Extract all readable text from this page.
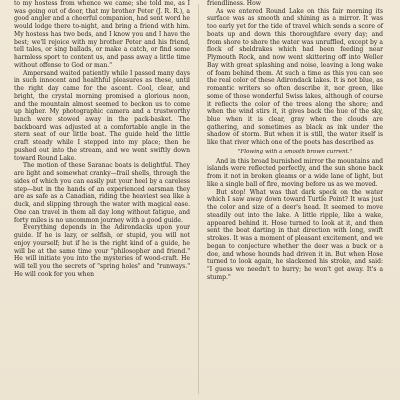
to my hostess from whence we came; she told me, as I was going out of door, that my brother Peter (J. R. R.), a good angler and a cheerful companion, had sent word he would lodge there to-night, and bring a friend with him. My hostess has two beds, and I know you and I have the best; we'll rejoice with my brother Peter and his friend, tell tales, or sing ballads, or make a catch, or find some harmless sport to content us, and pass away a little time without offense to God or man."

Ampersand waited patiently while I passed many days in such innocent and healthful pleasures as these, until the right day came for the ascent. Cool, clear, and bright, the crystal morning promised a glorious noon, and the mountain almost seemed to beckon us to come up higher. My photographic camera and a trustworthy lunch were stowed away in the pack-basket. The backboard was adjusted at a comfortable angle in the stern seat of our little boat. The guide held the little craft steady while I stepped into my place; then he pushed out into the stream, and we went swiftly down toward Round Lake.

The motion of these Saranac boats is delightful. They are light and somewhat cranky—frail shells, through the sides of which you can easily put your heel by a careless step—but in the hands of an experienced oarsman they are as safe as a Canadian, riding the heaviest sea like a duck, and slipping through the water with magical ease. One can travel in them all day long without fatigue, and forty miles is no uncommon journey with a good guide.

Everything depends in the Adirondacks upon your guide. If he is lazy, or selfish, or stupid, you will not enjoy yourself; but if he is the right kind of a guide, he will be at the same time your "philosopher and friend." He will initiate you into the mysteries of wood-craft. He will tell you the secrets of "spring holes" and "runways." He will cook for you when

friendliness. How

As we entered Round Lake on this fair morning its surface was as smooth and shining as a mirror. It was too early yet for the tide of travel which sends a score of boats up and down this thoroughfare every day; and from shore to shore the water was unruffled, except by a flock of sheldrakes which had been feeding near Plymouth Rock, and now went skittering off into Weller Bay with great splashing and noise, leaving a long wake of foam behind them. At such a time as this you can see the real color of these Adirondack lakes. It is not blue, as romantic writers so often describe it, nor green, like some of those wonderful Swiss lakes, although of course it reflects the color of the trees along the shore; and when the wind stirs it, it gives back the hue of the sky, blue when it is clear, gray when the clouds are gathering, and sometimes as black as ink under the shadow of storm. But when it is still, the water itself is like that river which one of the poets has described as

"Flowing with a smooth brown current."

And in this broad burnished mirror the mountains and islands were reflected perfectly, and the sun shone back from it not in broken gleams or a wide lane of light, but like a single ball of fire, moving before us as we moved.

But stop! What was that dark speck on the water which I saw away down toward Turtle Point? It was just the color and size of a deer's head. It seemed to move steadily out into the lake. A little ripple, like a wake, appeared behind it. Hose turned to look at it, and then sent the boat darting in that direction with long, swift strokes. It was a moment of pleasant excitement, and we began to conjecture whether the deer was a buck or a doe, and whose hounds had driven it in. But when Hose turned to look again, he slackened his stroke, and said: "I guess we needn't to hurry; he won't get away. It's a stump."
